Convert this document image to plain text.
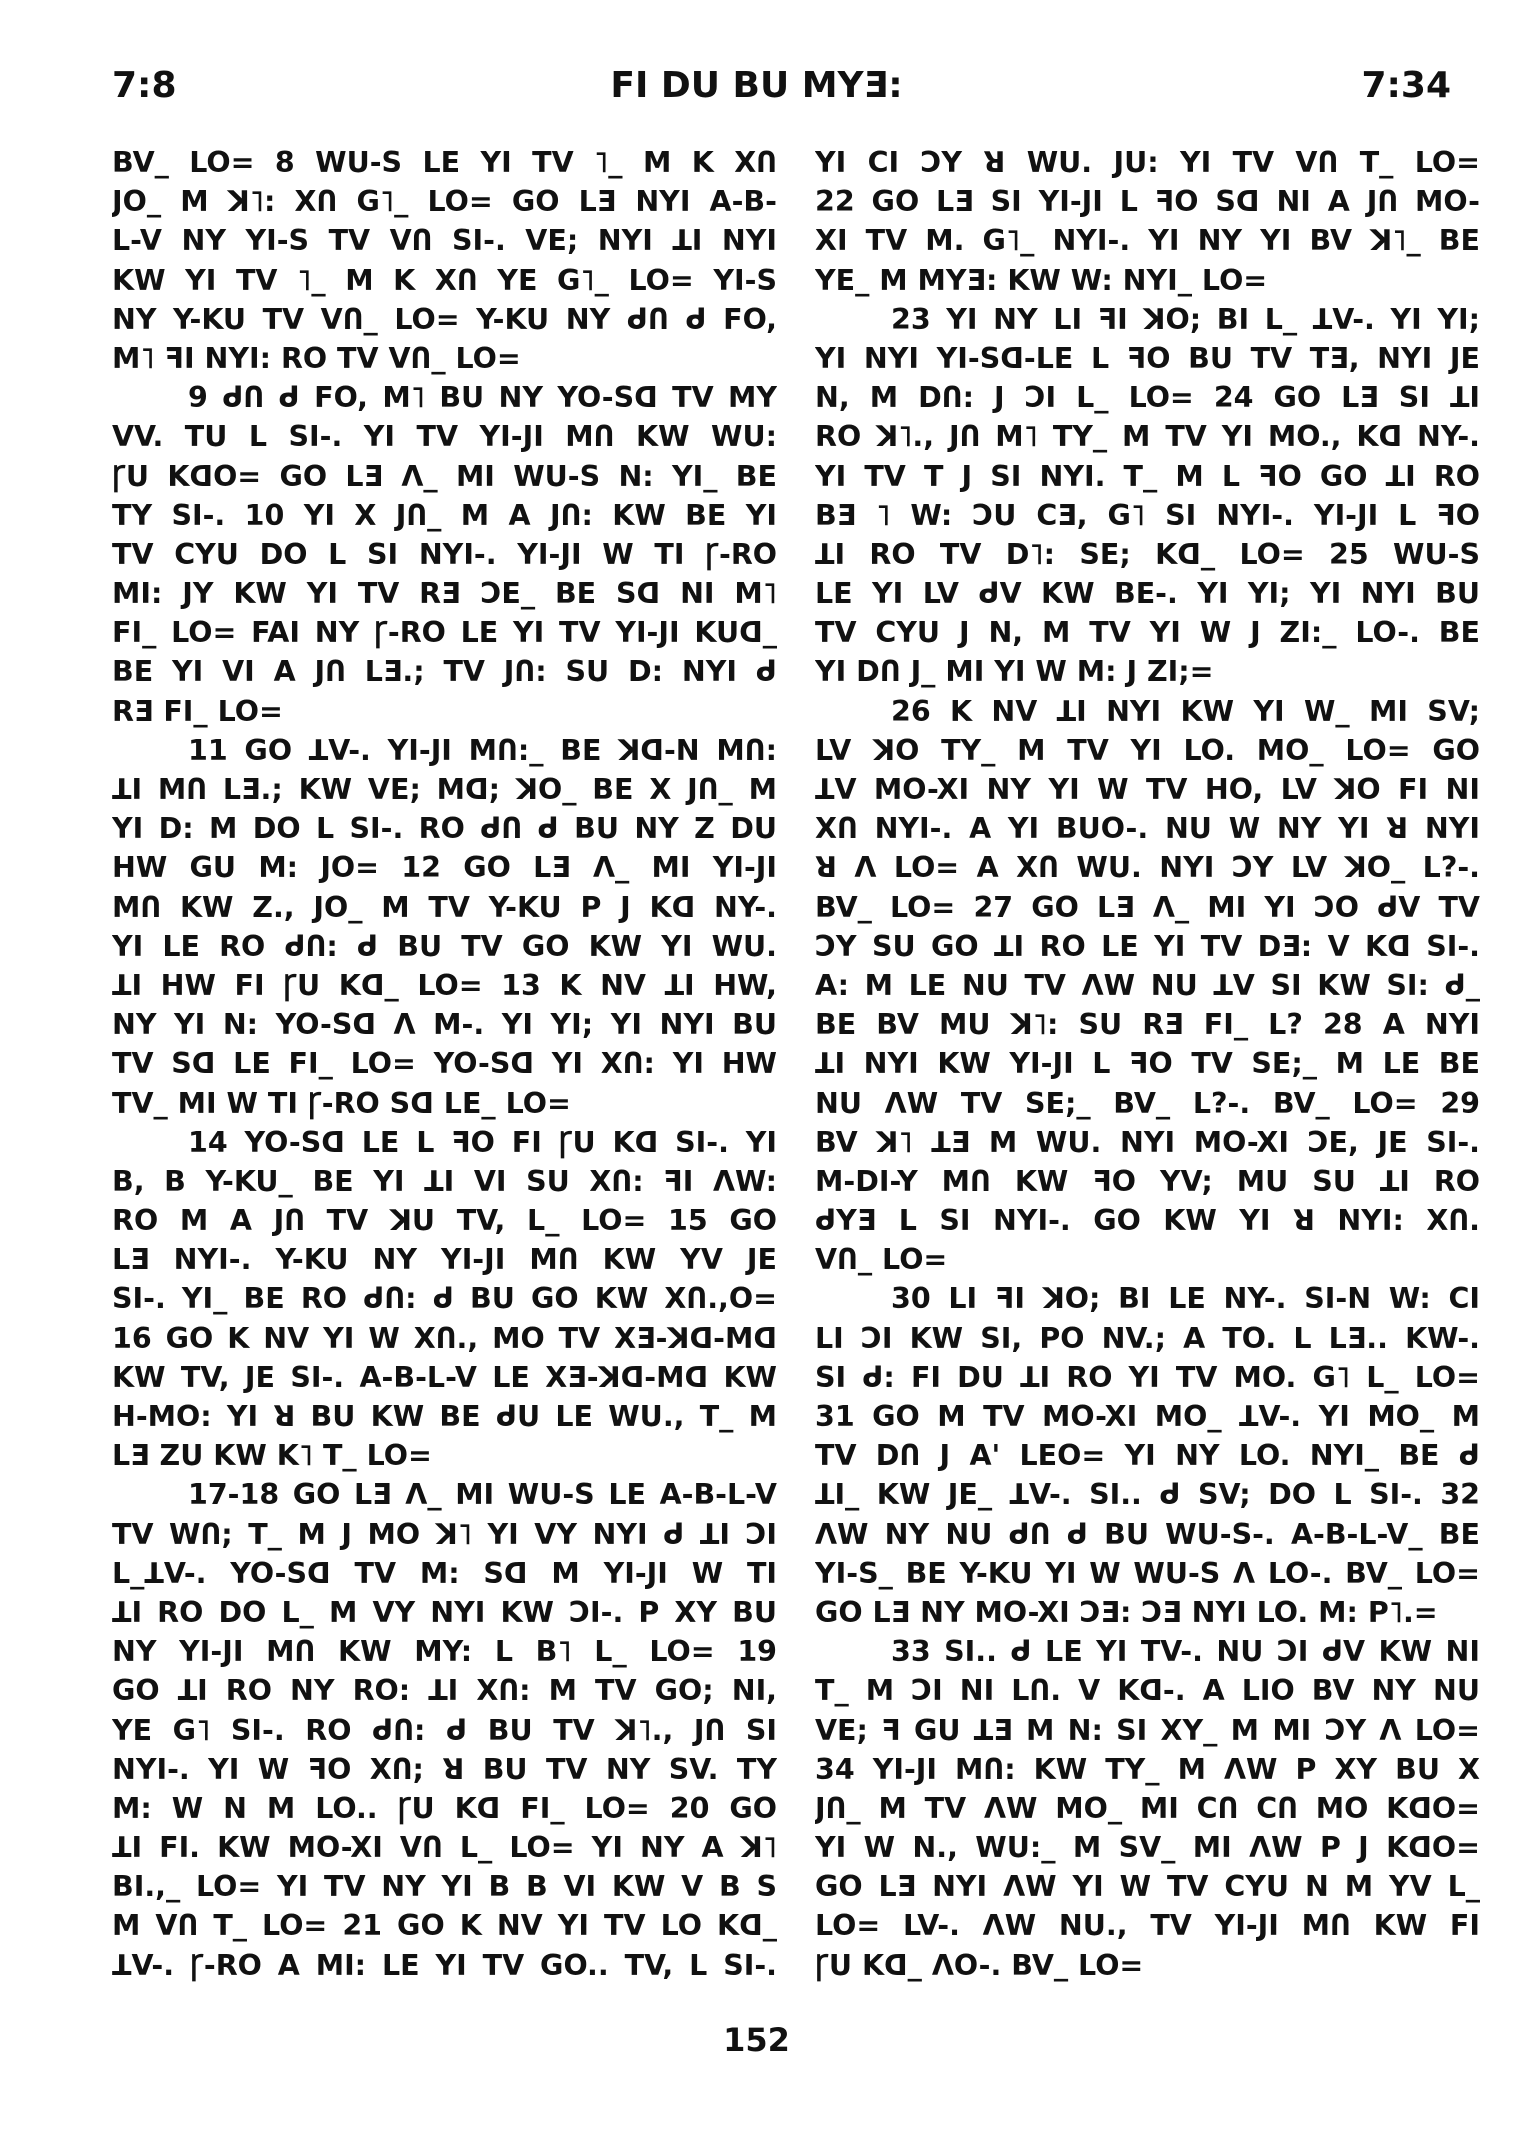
7:8	FI DU BU MYƎ:	7:34

BV_ LO= 8 WU-S LE YI TV ˥_ M K XՈ

JO_ M ꓘ˥: XՈ G˥_ LO= GO LƎ NYI A-B-

L-V NY YI-S TV VՈ SI-. VE; NYI ꓕI NYI

KW YI TV ˥_ M K XՈ YE G˥_ LO= YI-S

NY Y-KU TV VՈ_ LO= Y-KU NY ᑯՈ ᑯ FO,

M˥ ꟻI NYI: RO TV VՈ_ LO=

9 ᑯՈ ᑯ FO, M˥ BU NY YO-Sꓷ TV MY

VV. TU L SI-. YI TV YI-JI MՈ KW WU:

ꞄU KꓷO= GO LƎ Ʌ_ MI WU-S N: YI_ BE

TY SI-. 10 YI X JՈ_ M A JՈ: KW BE YI

TV CYU DO L SI NYI-. YI-JI W TI Ꞅ-RO

MI: JY KW YI TV RƎ ƆE_ BE Sꓷ NI M˥

FI_ LO= FAI NY Ꞅ-RO LE YI TV YI-JI KUꓷ_

BE YI VI A JՈ LƎ.; TV JՈ: SU D: NYI ᑯ

RƎ FI_ LO=

11 GO ꓕV-. YI-JI MՈ:_ BE ꓘꓷ-N MՈ:

ꓕI MՈ LƎ.; KW VE; Mꓷ; ꓘO_ BE X JՈ_ M

YI D: M DO L SI-. RO ᑯՈ ᑯ BU NY Z DU

HW GU M: JO= 12 GO LƎ Ʌ_ MI YI-JI

MՈ KW Z., JO_ M TV Y-KU P J Kꓷ NY-.

YI LE RO ᑯՈ: ᑯ BU TV GO KW YI WU.

ꓕI HW FI ꞄU Kꓷ_ LO= 13 K NV ꓕI HW,

NY YI N: YO-Sꓷ Ʌ M-. YI YI; YI NYI BU

TV Sꓷ LE FI_ LO= YO-Sꓷ YI XՈ: YI HW

TV_ MI W TI Ꞅ-RO Sꓷ LE_ LO=

14 YO-Sꓷ LE L ꟻO FI ꞄU Kꓷ SI-. YI

B, B Y-KU_ BE YI ꓕI VI SU XՈ: ꟻI ɅW:

RO M A JՈ TV ꓘU TV, L_ LO= 15 GO

LƎ NYI-. Y-KU NY YI-JI MՈ KW YV JE

SI-. YI_ BE RO ᑯՈ: ᑯ BU GO KW XՈ.,O=

16 GO K NV YI W XՈ., MO TV XƎ-ꓘꓷ-Mꓷ

KW TV, JE SI-. A-B-L-V LE XƎ-ꓘꓷ-Mꓷ KW

H-MO: YI ꓤ BU KW BE ᑯU LE WU., T_ M

LƎ ZU KW K˥ T_ LO=

17-18 GO LƎ Ʌ_ MI WU-S LE A-B-L-V

TV WՈ; T_ M J MO ꓘ˥ YI VY NYI ᑯ ꓕI ƆI

L_ꓕV-. YO-Sꓷ TV M: Sꓷ M YI-JI W TI

ꓕI RO DO L_ M VY NYI KW ƆI-. P XY BU

NY YI-JI MՈ KW MY: L B˥ L_ LO= 19

GO ꓕI RO NY RO: ꓕI XՈ: M TV GO; NI,

YE G˥ SI-. RO ᑯՈ: ᑯ BU TV ꓘ˥., JՈ SI

NYI-. YI W ꟻO XՈ; ꓤ BU TV NY SV. TY

M: W N M LO.. ꞄU Kꓷ FI_ LO= 20 GO

ꓕI FI. KW MO-XI VՈ L_ LO= YI NY A ꓘ˥

BI.,_ LO= YI TV NY YI B B VI KW V B S

M VՈ T_ LO= 21 GO K NV YI TV LO Kꓷ_

ꓕV-. Ꞅ-RO A MI: LE YI TV GO.. TV, L SI-.

YI CI ƆY ꓤ WU. JU: YI TV VՈ T_ LO=

22 GO LƎ SI YI-JI L ꟻO Sꓷ NI A JՈ MO-

XI TV M. G˥_ NYI-. YI NY YI BV ꓘ˥_ BE

YE_ M MYƎ: KW W: NYI_ LO=

23 YI NY LI ꟻI ꓘO; BI L_ ꓕV-. YI YI;

YI NYI YI-Sꓷ-LE L ꟻO BU TV TƎ, NYI JE

N, M DՈ: J ƆI L_ LO= 24 GO LƎ SI ꓕI

RO ꓘ˥., JՈ M˥ TY_ M TV YI MO., Kꓷ NY-.

YI TV T J SI NYI. T_ M L ꟻO GO ꓕI RO

BƎ ˥ W: ƆU CƎ, G˥ SI NYI-. YI-JI L ꟻO

ꓕI RO TV D˥: SE; Kꓷ_ LO= 25 WU-S

LE YI LV ᑯV KW BE-. YI YI; YI NYI BU

TV CYU J N, M TV YI W J ZI:_ LO-. BE

YI DՈ J_ MI YI W M: J ZI;=

26 K NV ꓕI NYI KW YI W_ MI SV;

LV ꓘO TY_ M TV YI LO. MO_ LO= GO

ꓕV MO-XI NY YI W TV HO, LV ꓘO FI NI

XՈ NYI-. A YI BUO-. NU W NY YI ꓤ NYI

ꓤ Ʌ LO= A XՈ WU. NYI ƆY LV ꓘO_ L?-.

BV_ LO= 27 GO LƎ Ʌ_ MI YI ƆO ᑯV TV

ƆY SU GO ꓕI RO LE YI TV DƎ: V Kꓷ SI-.

A: M LE NU TV ɅW NU ꓕV SI KW SI: ᑯ_

BE BV MU ꓘ˥: SU RƎ FI_ L? 28 A NYI

ꓕI NYI KW YI-JI L ꟻO TV SE;_ M LE BE

NU ɅW TV SE;_ BV_ L?-. BV_ LO= 29

BV ꓘ˥ ꓕƎ M WU. NYI MO-XI ƆE, JE SI-.

M-DI-Y MՈ KW ꟻO YV; MU SU ꓕI RO

ᑯYƎ L SI NYI-. GO KW YI ꓤ NYI: XՈ.

VՈ_ LO=

30 LI ꟻI ꓘO; BI LE NY-. SI-N W: CI

LI ƆI KW SI, PO NV.; A TO. L LƎ.. KW-.

SI ᑯ: FI DU ꓕI RO YI TV MO. G˥ L_ LO=

31 GO M TV MO-XI MO_ ꓕV-. YI MO_ M

TV DՈ J A' LEO= YI NY LO. NYI_ BE ᑯ

ꓕI_ KW JE_ ꓕV-. SI.. ᑯ SV; DO L SI-. 32

ɅW NY NU ᑯՈ ᑯ BU WU-S-. A-B-L-V_ BE

YI-S_ BE Y-KU YI W WU-S Ʌ LO-. BV_ LO=

GO LƎ NY MO-XI ƆƎ: ƆƎ NYI LO. M: P˥.=

33 SI.. ᑯ LE YI TV-. NU ƆI ᑯV KW NI

T_ M ƆI NI LՈ. V Kꓷ-. A LIO BV NY NU

VE; ꟻ GU ꓕƎ M N: SI XY_ M MI ƆY Ʌ LO=

34 YI-JI MՈ: KW TY_ M ɅW P XY BU X

JՈ_ M TV ɅW MO_ MI CՈ CՈ MO KꓷO=

YI W N., WU:_ M SV_ MI ɅW P J KꓷO=

GO LƎ NYI ɅW YI W TV CYU N M YV L_

LO= LV-. ɅW NU., TV YI-JI MՈ KW FI

ꞄU Kꓷ_ ɅO-. BV_ LO=

152
